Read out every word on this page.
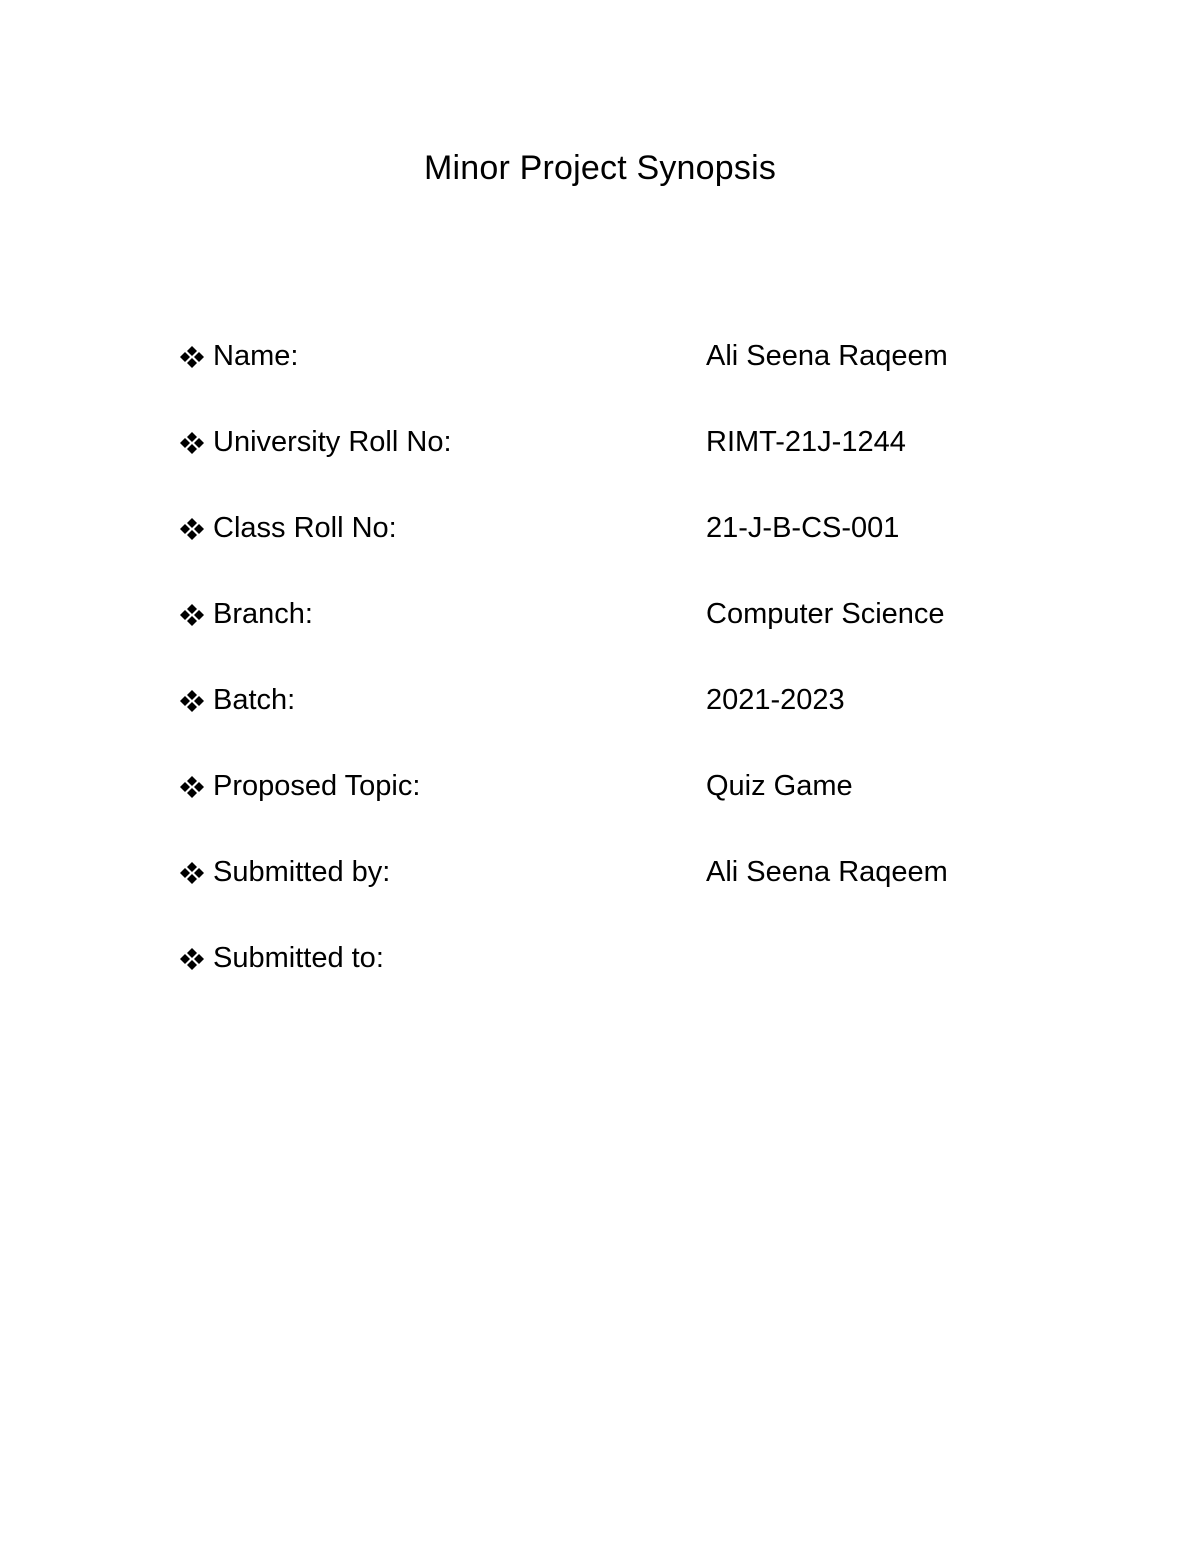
Minor Project Synopsis
Name:	Ali Seena Raqeem
University Roll No:	RIMT-21J-1244
Class Roll No:	21-J-B-CS-001
Branch:	Computer Science
Batch:	2021-2023
Proposed Topic:	Quiz Game
Submitted by:	Ali Seena Raqeem
Submitted to:
